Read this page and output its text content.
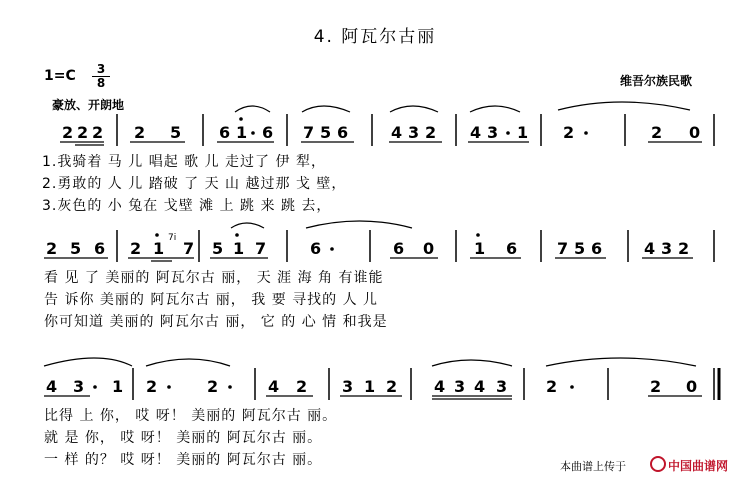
4. 阿瓦尔古丽
$1=C \frac{3}{8}$
豪放、开朗地
维吾尔族民歌
2 2 2 2 5 6 1 6 7 5 6	4 3 2 4 3 1 2	2 0
2 5 6 2 1 7 5 1 7	6	6 0 1 6 7 5 6	4 3 2
7i
4 3 1 2	2	4 2 3 1 2 4 3 4 3 2	2 0
1.我骑着 马 儿 唱起 歌 儿 走过了 伊 犁，
2.勇敢的 人 儿 踏破 了 天 山 越过那 戈 壁，
3.灰色的 小 兔在 戈壁 滩 上 跳 来 跳 去，
看 见 了 美丽的 阿瓦尔古 丽， 天 涯 海 角 有谁能
告 诉你 美丽的 阿瓦尔古 丽， 我 要 寻找的 人 儿
你可知道 美丽的 阿瓦尔古 丽， 它 的 心 情 和我是
比得 上 你， 哎 呀！ 美丽的 阿瓦尔古 丽。
就 是 你， 哎 呀！ 美丽的 阿瓦尔古 丽。
一 样 的？ 哎 呀！ 美丽的 阿瓦尔古 丽。	本曲谱上传于	中国曲谱网
